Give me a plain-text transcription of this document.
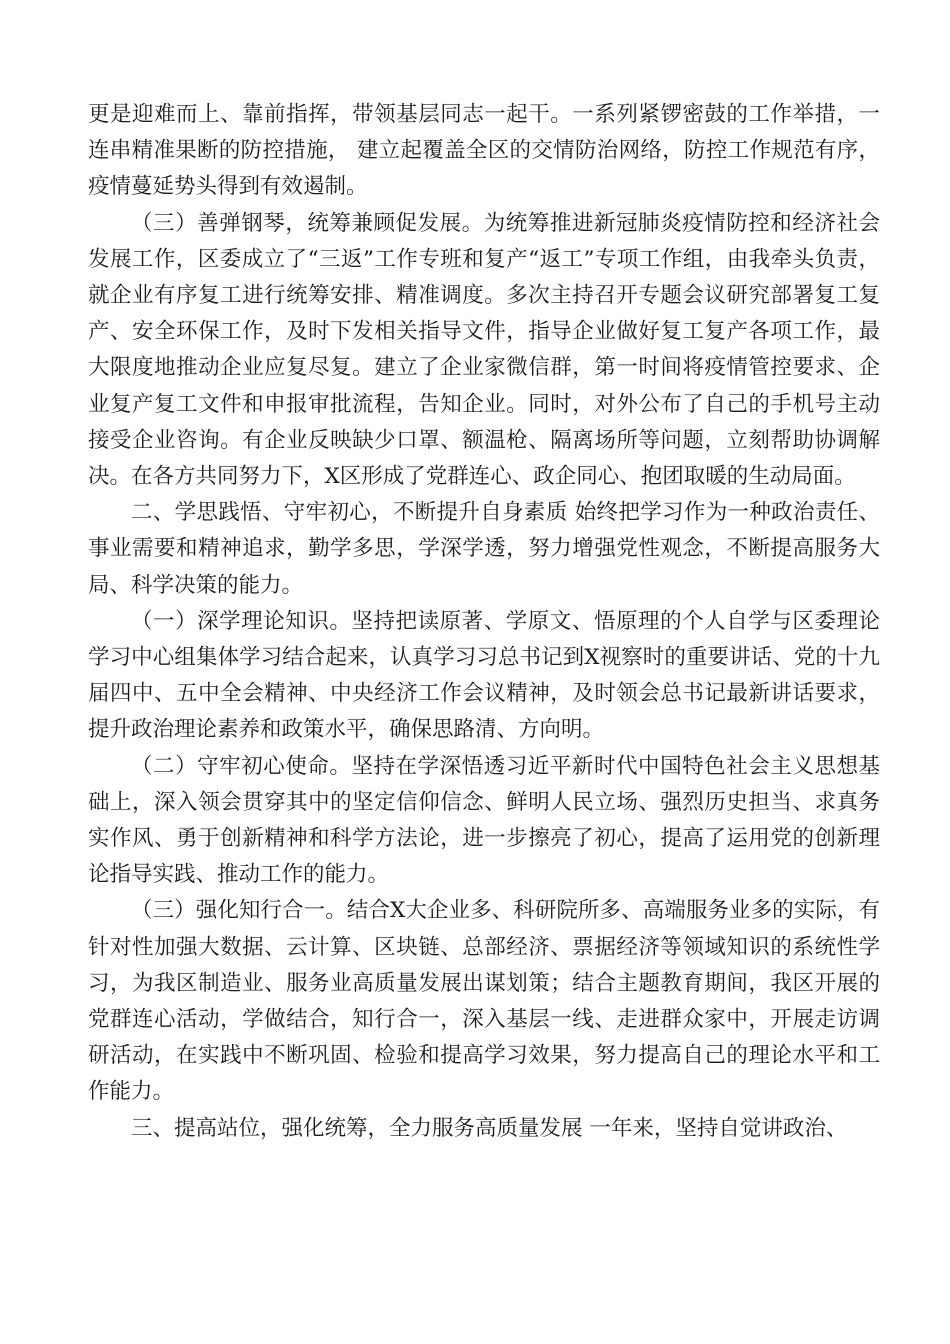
更是迎难而上、靠前指挥，带领基层同志一起干。一系列紧锣密鼓的工作举措，一连串精准果断的防控措施， 建立起覆盖全区的交情防治网络，防控工作规范有序，疫情蔓延势头得到有效遏制。

（三）善弹钢琴，统筹兼顾促发展。为统筹推进新冠肺炎疫情防控和经济社会发展工作，区委成立了“三返”工作专班和复产“返工”专项工作组，由我牵头负责，就企业有序复工进行统筹安排、精准调度。多次主持召开专题会议研究部署复工复产、安全环保工作，及时下发相关指导文件，指导企业做好复工复产各项工作，最大限度地推动企业应复尽复。建立了企业家微信群，第一时间将疫情管控要求、企业复产复工文件和申报审批流程，告知企业。同时，对外公布了自己的手机号主动接受企业咨询。有企业反映缺少口罩、额温枪、隔离场所等问题，立刻帮助协调解决。在各方共同努力下，X区形成了党群连心、政企同心、抱团取暖的生动局面。

二、学思践悟、守牢初心，不断提升自身素质 始终把学习作为一种政治责任、事业需要和精神追求，勤学多思，学深学透，努力增强党性观念，不断提高服务大局、科学决策的能力。

（一）深学理论知识。坚持把读原著、学原文、悟原理的个人自学与区委理论学习中心组集体学习结合起来，认真学习习总书记到X视察时的重要讲话、党的十九届四中、五中全会精神、中央经济工作会议精神，及时领会总书记最新讲话要求，提升政治理论素养和政策水平，确保思路清、方向明。

（二）守牢初心使命。坚持在学深悟透习近平新时代中国特色社会主义思想基础上，深入领会贯穿其中的坚定信仰信念、鲜明人民立场、强烈历史担当、求真务实作风、勇于创新精神和科学方法论，进一步擦亮了初心，提高了运用党的创新理论指导实践、推动工作的能力。

（三）强化知行合一。结合X大企业多、科研院所多、高端服务业多的实际，有针对性加强大数据、云计算、区块链、总部经济、票据经济等领域知识的系统性学习，为我区制造业、服务业高质量发展出谋划策；结合主题教育期间，我区开展的党群连心活动，学做结合，知行合一，深入基层一线、走进群众家中，开展走访调研活动，在实践中不断巩固、检验和提高学习效果，努力提高自己的理论水平和工作能力。

三、提高站位，强化统筹，全力服务高质量发展 一年来，坚持自觉讲政治、
